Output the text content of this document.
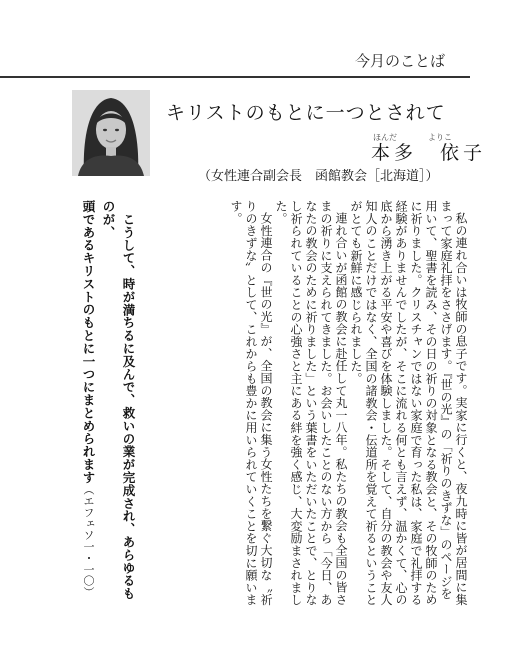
今月のことば
キリストのもとに一つとされて
ほんだ	よりこ
本多　依子
（女性連合副会長　函館教会［北海道］）

私の連れ合いは牧師の息子です。実家に行くと、夜九時に皆が居間に集まって家庭礼拝をささげます。『世の光』の「祈りのきずな」のページを用いて、聖書を読み、その日の祈りの対象となる教会と、その牧師のために祈りました。クリスチャンではない家庭で育った私は、家庭で礼拝する経験がありませんでしたが、そこに流れる何とも言えず、温かくて、心の底から湧き上がる平安や喜びを体験しました。そして、自分の教会や友人知人のことだけではなく、全国の諸教会・伝道所を覚えて祈るということがとても新鮮に感じられました。

連れ合いが函館の教会に赴任して丸一八年。私たちの教会も全国の皆さまの祈りに支えられてきました。お会いしたことのない方から「今日、あなたの教会のために祈りました」という葉書をいただいたことで、とりなし祈られていることの心強さと主にある絆を強く感じ、大変励まされました。

女性連合の『世の光』が、全国の教会に集う女性たちを繋ぐ大切な〝祈りのきずな〟として、これからも豊かに用いられていくことを切に願います。

こうして、時が満ちるに及んで、救いの業が完成され、あらゆるものが、

頭であるキリストのもとに一つにまとめられます（エフェソ一・一〇）
